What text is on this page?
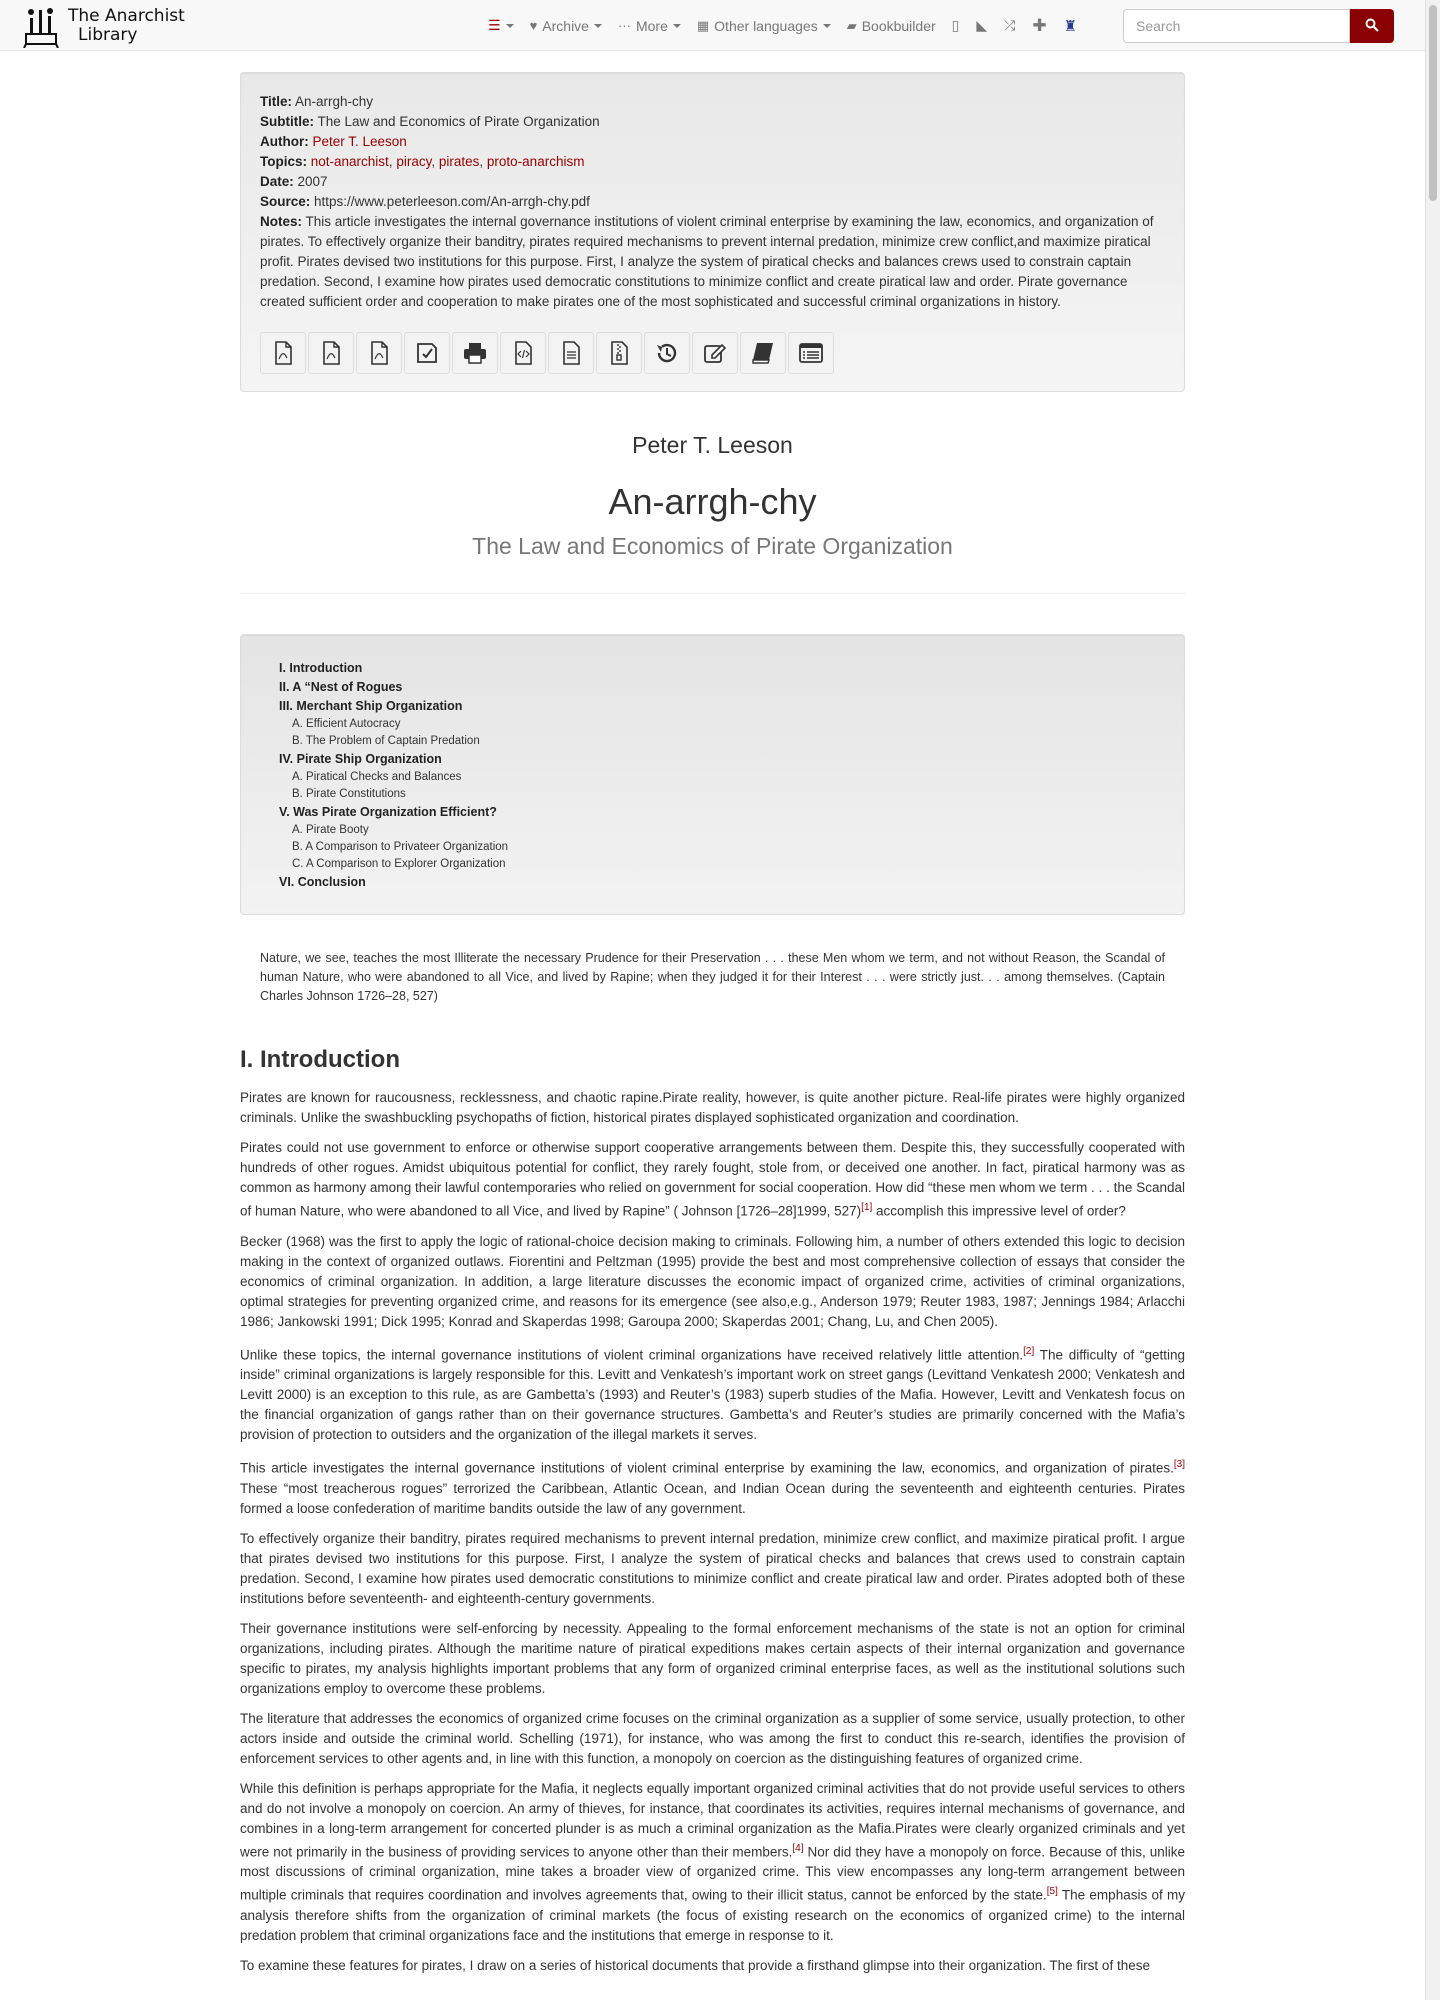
The Anarchist
Library	☰ ♥ Archive ··· More ▦ Other languages ▰ Bookbuilder ▯ ◣ ⤮ ✚ ♜
Search
Title: An-arrgh-chy
Subtitle: The Law and Economics of Pirate Organization
Author: Peter T. Leeson
Topics: not-anarchist, piracy, pirates, proto-anarchism
Date: 2007
Source: https://www.peterleeson.com/An-arrgh-chy.pdf
Notes: This article investigates the internal governance institutions of violent criminal enterprise by examining the law, economics, and organization of pirates. To effectively organize their banditry, pirates required mechanisms to prevent internal predation, minimize crew conflict,and maximize piratical profit. Pirates devised two institutions for this purpose. First, I analyze the system of piratical checks and balances crews used to constrain captain predation. Second, I examine how pirates used democratic constitutions to minimize conflict and create piratical law and order. Pirate governance created sufficient order and cooperation to make pirates one of the most sophisticated and successful criminal organizations in history.
Peter T. Leeson
An-arrgh-chy
The Law and Economics of Pirate Organization
I. Introduction
II. A “Nest of Rogues
III. Merchant Ship Organization
A. Efficient Autocracy
B. The Problem of Captain Predation
IV. Pirate Ship Organization
A. Piratical Checks and Balances
B. Pirate Constitutions
V. Was Pirate Organization Efficient?
A. Pirate Booty
B. A Comparison to Privateer Organization
C. A Comparison to Explorer Organization
VI. Conclusion
Nature, we see, teaches the most Illiterate the necessary Prudence for their Preservation . . . these Men whom we term, and not without Reason, the Scandal of human Nature, who were abandoned to all Vice, and lived by Rapine; when they judged it for their Interest . . . were strictly just. . . among themselves. (Captain Charles Johnson 1726–28, 527)
I. Introduction

Pirates are known for raucousness, recklessness, and chaotic rapine.Pirate reality, however, is quite another picture. Real-life pirates were highly organized criminals. Unlike the swashbuckling psychopaths of fiction, historical pirates displayed sophisticated organization and coordination.

Pirates could not use government to enforce or otherwise support cooperative arrangements between them. Despite this, they successfully cooperated with hundreds of other rogues. Amidst ubiquitous potential for conflict, they rarely fought, stole from, or deceived one another. In fact, piratical harmony was as common as harmony among their lawful contemporaries who relied on government for social cooperation. How did “these men whom we term . . . the Scandal of human Nature, who were abandoned to all Vice, and lived by Rapine” ( Johnson [1726–28]1999, 527)[1] accomplish this impressive level of order?

Becker (1968) was the first to apply the logic of rational-choice decision making to criminals. Following him, a number of others extended this logic to decision making in the context of organized outlaws. Fiorentini and Peltzman (1995) provide the best and most comprehensive collection of essays that consider the economics of criminal organization. In addition, a large literature discusses the economic impact of organized crime, activities of criminal organizations, optimal strategies for preventing organized crime, and reasons for its emergence (see also,e.g., Anderson 1979; Reuter 1983, 1987; Jennings 1984; Arlacchi 1986; Jankowski 1991; Dick 1995; Konrad and Skaperdas 1998; Garoupa 2000; Skaperdas 2001; Chang, Lu, and Chen 2005).

Unlike these topics, the internal governance institutions of violent criminal organizations have received relatively little attention.[2] The difficulty of “getting inside” criminal organizations is largely responsible for this. Levitt and Venkatesh’s important work on street gangs (Levittand Venkatesh 2000; Venkatesh and Levitt 2000) is an exception to this rule, as are Gambetta’s (1993) and Reuter’s (1983) superb studies of the Mafia. However, Levitt and Venkatesh focus on the financial organization of gangs rather than on their governance structures. Gambetta’s and Reuter’s studies are primarily concerned with the Mafia’s provision of protection to outsiders and the organization of the illegal markets it serves.

This article investigates the internal governance institutions of violent criminal enterprise by examining the law, economics, and organization of pirates.[3] These “most treacherous rogues” terrorized the Caribbean, Atlantic Ocean, and Indian Ocean during the seventeenth and eighteenth centuries. Pirates formed a loose confederation of maritime bandits outside the law of any government.

To effectively organize their banditry, pirates required mechanisms to prevent internal predation, minimize crew conflict, and maximize piratical profit. I argue that pirates devised two institutions for this purpose. First, I analyze the system of piratical checks and balances that crews used to constrain captain predation. Second, I examine how pirates used democratic constitutions to minimize conflict and create piratical law and order. Pirates adopted both of these institutions before seventeenth- and eighteenth-century governments.

Their governance institutions were self-enforcing by necessity. Appealing to the formal enforcement mechanisms of the state is not an option for criminal organizations, including pirates. Although the maritime nature of piratical expeditions makes certain aspects of their internal organization and governance specific to pirates, my analysis highlights important problems that any form of organized criminal enterprise faces, as well as the institutional solutions such organizations employ to overcome these problems.

The literature that addresses the economics of organized crime focuses on the criminal organization as a supplier of some service, usually protection, to other actors inside and outside the criminal world. Schelling (1971), for instance, who was among the first to conduct this re-search, identifies the provision of enforcement services to other agents and, in line with this function, a monopoly on coercion as the distinguishing features of organized crime.

While this definition is perhaps appropriate for the Mafia, it neglects equally important organized criminal activities that do not provide useful services to others and do not involve a monopoly on coercion. An army of thieves, for instance, that coordinates its activities, requires internal mechanisms of governance, and combines in a long-term arrangement for concerted plunder is as much a criminal organization as the Mafia.Pirates were clearly organized criminals and yet were not primarily in the business of providing services to anyone other than their members.[4] Nor did they have a monopoly on force. Because of this, unlike most discussions of criminal organization, mine takes a broader view of organized crime. This view encompasses any long-term arrangement between multiple criminals that requires coordination and involves agreements that, owing to their illicit status, cannot be enforced by the state.[5] The emphasis of my analysis therefore shifts from the organization of criminal markets (the focus of existing research on the economics of organized crime) to the internal predation problem that criminal organizations face and the institutions that emerge in response to it.

To examine these features for pirates, I draw on a series of historical documents that provide a firsthand glimpse into their organization. The first of these
